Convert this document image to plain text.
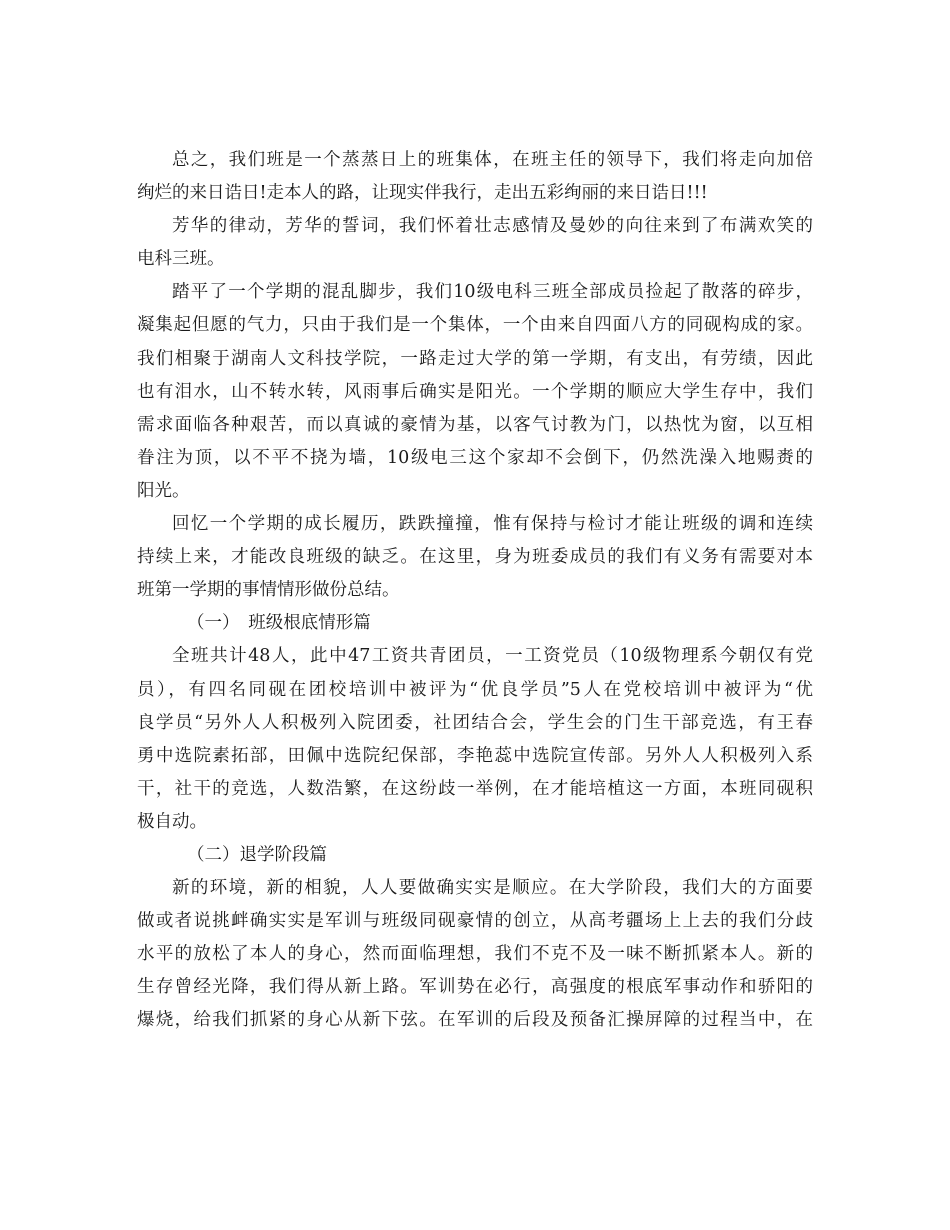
总之，我们班是一个蒸蒸日上的班集体，在班主任的领导下，我们将走向加倍
绚烂的来日诰日!走本人的路，让现实伴我行，走出五彩绚丽的来日诰日!!!
芳华的律动，芳华的誓词，我们怀着壮志感情及曼妙的向往来到了布满欢笑的
电科三班。
踏平了一个学期的混乱脚步，我们10级电科三班全部成员捡起了散落的碎步，
凝集起但愿的气力，只由于我们是一个集体，一个由来自四面八方的同砚构成的家。
我们相聚于湖南人文科技学院，一路走过大学的第一学期，有支出，有劳绩，因此
也有泪水，山不转水转，风雨事后确实是阳光。一个学期的顺应大学生存中，我们
需求面临各种艰苦，而以真诚的豪情为基，以客气讨教为门，以热忱为窗，以互相
眷注为顶，以不平不挠为墙，10级电三这个家却不会倒下，仍然洗澡入地赐赉的
阳光。
回忆一个学期的成长履历，跌跌撞撞，惟有保持与检讨才能让班级的调和连续
持续上来，才能改良班级的缺乏。在这里，身为班委成员的我们有义务有需要对本
班第一学期的事情情形做份总结。
（一）　班级根底情形篇
全班共计48人，此中47工资共青团员，一工资党员（10级物理系今朝仅有党
员），有四名同砚在团校培训中被评为“优良学员”5人在党校培训中被评为“优
良学员“另外人人积极列入院团委，社团结合会，学生会的门生干部竞选，有王春
勇中选院素拓部，田佩中选院纪保部，李艳蕊中选院宣传部。另外人人积极列入系
干，社干的竞选，人数浩繁，在这纷歧一举例，在才能培植这一方面，本班同砚积
极自动。
（二）退学阶段篇
新的环境，新的相貌，人人要做确实实是顺应。在大学阶段，我们大的方面要
做或者说挑衅确实实是军训与班级同砚豪情的创立，从高考疆场上上去的我们分歧
水平的放松了本人的身心，然而面临理想，我们不克不及一味不断抓紧本人。新的
生存曾经光降，我们得从新上路。军训势在必行，高强度的根底军事动作和骄阳的
爆烧，给我们抓紧的身心从新下弦。在军训的后段及预备汇操屏障的过程当中，在
